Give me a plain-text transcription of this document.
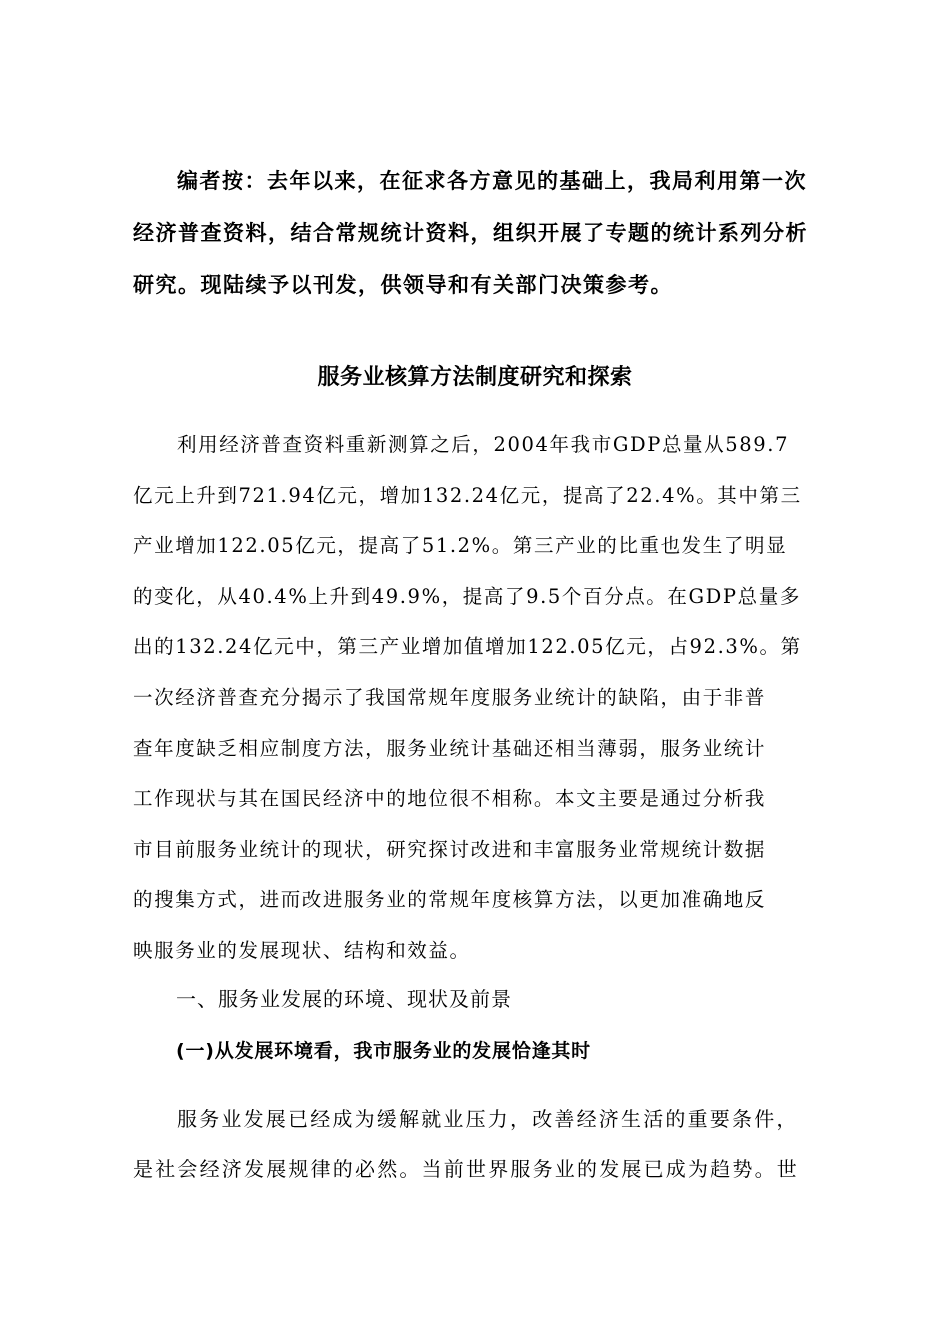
编者按：去年以来，在征求各方意见的基础上，我局利用第一次
经济普查资料，结合常规统计资料，组织开展了专题的统计系列分析
研究。现陆续予以刊发，供领导和有关部门决策参考。
服务业核算方法制度研究和探索
利用经济普查资料重新测算之后，2004年我市GDP总量从589.7
亿元上升到721.94亿元，增加132.24亿元，提高了22.4%。其中第三
产业增加122.05亿元，提高了51.2%。第三产业的比重也发生了明显
的变化，从40.4%上升到49.9%，提高了9.5个百分点。在GDP总量多
出的132.24亿元中，第三产业增加值增加122.05亿元，占92.3%。第
一次经济普查充分揭示了我国常规年度服务业统计的缺陷，由于非普
查年度缺乏相应制度方法，服务业统计基础还相当薄弱，服务业统计
工作现状与其在国民经济中的地位很不相称。本文主要是通过分析我
市目前服务业统计的现状，研究探讨改进和丰富服务业常规统计数据
的搜集方式，进而改进服务业的常规年度核算方法，以更加准确地反
映服务业的发展现状、结构和效益。
一、服务业发展的环境、现状及前景
(一)从发展环境看，我市服务业的发展恰逢其时
服务业发展已经成为缓解就业压力，改善经济生活的重要条件，
是社会经济发展规律的必然。当前世界服务业的发展已成为趋势。世
